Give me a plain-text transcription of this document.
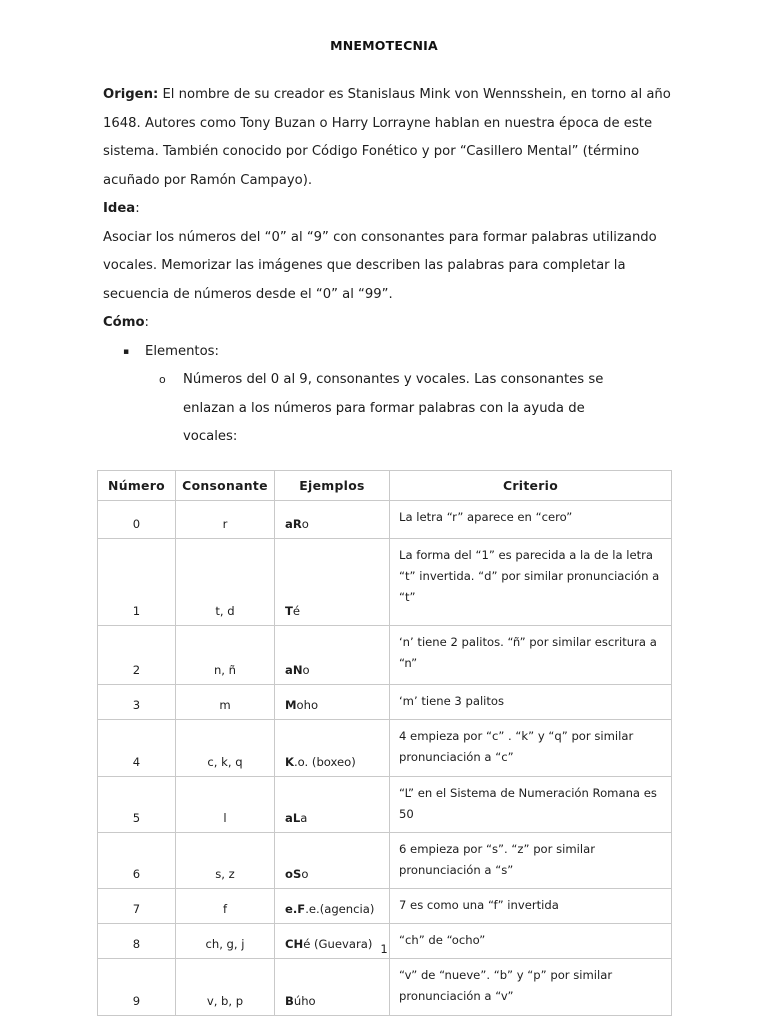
MNEMOTECNIA

Origen: El nombre de su creador es Stanislaus Mink von Wennsshein, en torno al año 1648. Autores como Tony Buzan o Harry Lorrayne hablan en nuestra época de este sistema. También conocido por Código Fonético y por “Casillero Mental” (término acuñado por Ramón Campayo).

Idea:

Asociar los números del “0” al “9” con consonantes para formar palabras utilizando vocales. Memorizar las imágenes que describen las palabras para completar la secuencia de números desde el “0” al “99”.

Cómo:
▪	Elementos:
o	Números del 0 al 9, consonantes y vocales. Las consonantes se enlazan a los números para formar palabras con la ayuda de vocales:
Número	Consonante	Ejemplos	Criterio
0	r	aRo	La letra “r” aparece en “cero”
1	t, d	Té	La forma del “1” es parecida a la de la letra “t” invertida. “d” por similar pronunciación a “t”
2	n, ñ	aNo	‘n’ tiene 2 palitos. “ñ” por similar escritura a “n”
3	m	Moho	‘m’ tiene 3 palitos
4	c, k, q	K.o. (boxeo)	4 empieza por “c” . “k” y “q” por similar pronunciación a “c”
5	l	aLa	“L” en el Sistema de Numeración Romana es 50
6	s, z	oSo	6 empieza por “s”. “z” por similar pronunciación a “s”
7	f	e.F.e.(agencia)	7 es como una “f” invertida
8	ch, g, j	CHé (Guevara)	“ch” de “ocho”
9	v, b, p	Búho	“v” de “nueve”. “b” y “p” por similar pronunciación a “v”
1
